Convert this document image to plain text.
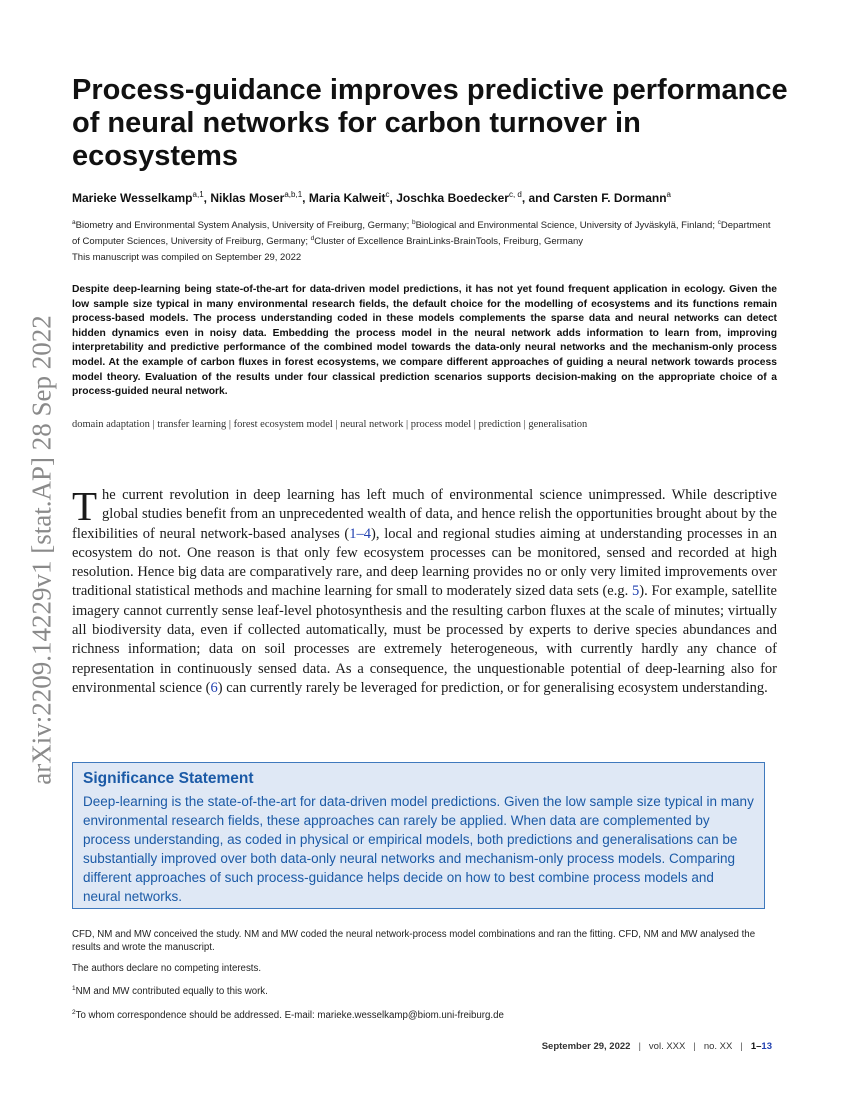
arXiv:2209.14229v1 [stat.AP] 28 Sep 2022
Process-guidance improves predictive performance of neural networks for carbon turnover in ecosystems
Marieke Wesselkamp$^{a,1}$, Niklas Moser$^{a,b,1}$, Maria Kalweit$^c$, Joschka Boedecker$^{c, d}$, and Carsten F. Dormann$^a$
$^a$Biometry and Environmental System Analysis, University of Freiburg, Germany; $^b$Biological and Environmental Science, University of Jyväskylä, Finland; $^c$Department of Computer Sciences, University of Freiburg, Germany; $^d$Cluster of Excellence BrainLinks-BrainTools, Freiburg, Germany
This manuscript was compiled on September 29, 2022

Despite deep-learning being state-of-the-art for data-driven model predictions, it has not yet found frequent application in ecology. Given the low sample size typical in many environmental research fields, the default choice for the modelling of ecosystems and its functions remain process-based models. The process understanding coded in these models complements the sparse data and neural networks can detect hidden dynamics even in noisy data. Embedding the process model in the neural network adds information to learn from, improving interpretability and predictive performance of the combined model towards the data-only neural networks and the mechanism-only process model. At the example of carbon fluxes in forest ecosystems, we compare different approaches of guiding a neural network towards process model theory. Evaluation of the results under four classical prediction scenarios supports decision-making on the appropriate choice of a process-guided neural network.

domain adaptation | transfer learning | forest ecosystem model | neural network | process model | prediction | generalisation

The current revolution in deep learning has left much of environmental science unimpressed. While descriptive global studies benefit from an unprecedented wealth of data, and hence relish the opportunities brought about by the flexibilities of neural network-based analyses (1–4), local and regional studies aiming at understanding processes in an ecosystem do not. One reason is that only few ecosystem processes can be monitored, sensed and recorded at high resolution. Hence big data are comparatively rare, and deep learning provides no or only very limited improvements over traditional statistical methods and machine learning for small to moderately sized data sets (e.g. 5). For example, satellite imagery cannot currently sense leaf-level photosynthesis and the resulting carbon fluxes at the scale of minutes; virtually all biodiversity data, even if collected automatically, must be processed by experts to derive species abundances and richness information; data on soil processes are extremely heterogeneous, with currently hardly any chance of representation in continuously sensed data. As a consequence, the unquestionable potential of deep-learning also for environmental science (6) can currently rarely be leveraged for prediction, or for generalising ecosystem understanding.

Significance Statement

Deep-learning is the state-of-the-art for data-driven model predictions. Given the low sample size typical in many environmental research fields, these approaches can rarely be applied. When data are complemented by process understanding, as coded in physical or empirical models, both predictions and generalisations can be substantially improved over both data-only neural networks and mechanism-only process models. Comparing different approaches of such process-guidance helps decide on how to best combine process models and neural networks.

CFD, NM and MW conceived the study. NM and MW coded the neural network-process model combinations and ran the fitting. CFD, NM and MW analysed the results and wrote the manuscript.

The authors declare no competing interests.

$^1$NM and MW contributed equally to this work.

$^2$To whom correspondence should be addressed. E-mail: marieke.wesselkamp@biom.uni-freiburg.de

September 29, 2022 | vol. XXX | no. XX | 1–13
